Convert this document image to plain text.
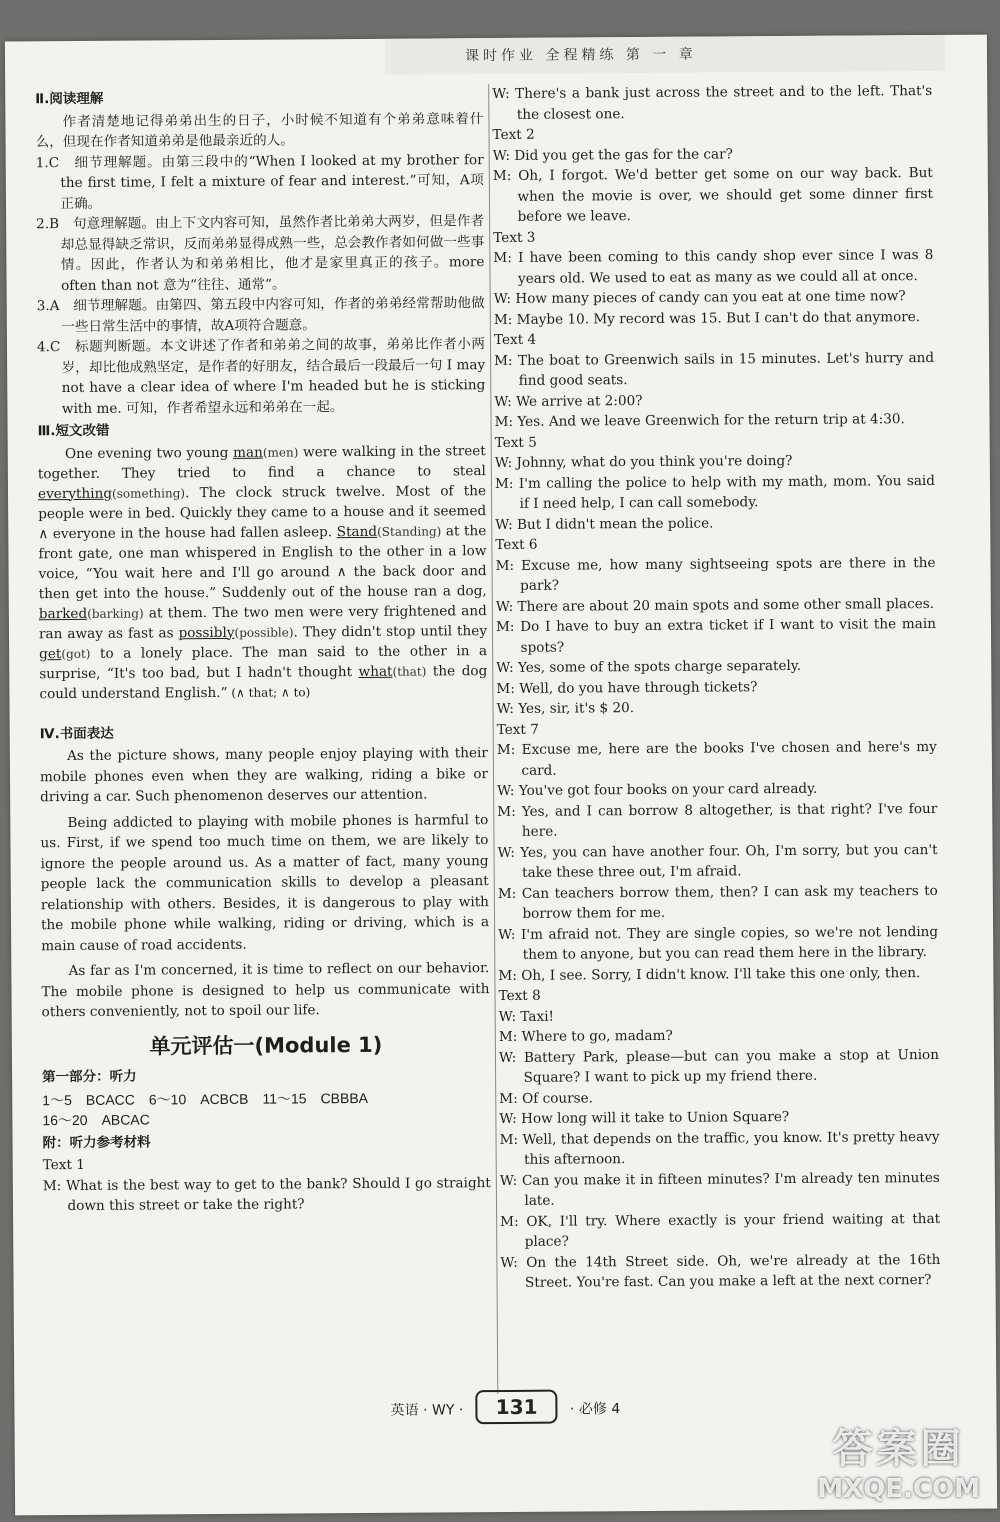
课时作业 全程精练 第 一 章
Ⅱ.阅读理解

作者清楚地记得弟弟出生的日子，小时候不知道有个弟弟意味着什么，但现在作者知道弟弟是他最亲近的人。

1.C　细节理解题。由第三段中的“When I looked at my brother for the first time, I felt a mixture of fear and interest.”可知，A项正确。

2.B　句意理解题。由上下文内容可知，虽然作者比弟弟大两岁，但是作者却总显得缺乏常识，反而弟弟显得成熟一些，总会教作者如何做一些事情。因此，作者认为和弟弟相比，他才是家里真正的孩子。more often than not 意为“往往、通常”。

3.A　细节理解题。由第四、第五段中内容可知，作者的弟弟经常帮助他做一些日常生活中的事情，故A项符合题意。

4.C　标题判断题。本文讲述了作者和弟弟之间的故事，弟弟比作者小两岁，却比他成熟坚定，是作者的好朋友，结合最后一段最后一句 I may not have a clear idea of where I'm headed but he is sticking with me. 可知，作者希望永远和弟弟在一起。

Ⅲ.短文改错
One evening two young man(men) were walking in the street together. They tried to find a chance to steal everything(something). The clock struck twelve. Most of the people were in bed. Quickly they came to a house and it seemed ∧ everyone in the house had fallen asleep. Stand(Standing) at the front gate, one man whispered in English to the other in a low voice, “You wait here and I'll go around ∧ the back door and then get into the house.” Suddenly out of the house ran a dog, barked(barking) at them. The two men were very frightened and ran away as fast as possibly(possible). They didn't stop until they get(got) to a lonely place. The man said to the other in a surprise, “It's too bad, but I hadn't thought what(that) the dog could understand English.” (∧ that; ∧ to)
Ⅳ.书面表达

As the picture shows, many people enjoy playing with their mobile phones even when they are walking, riding a bike or driving a car. Such phenomenon deserves our attention.

Being addicted to playing with mobile phones is harmful to us. First, if we spend too much time on them, we are likely to ignore the people around us. As a matter of fact, many young people lack the communication skills to develop a pleasant relationship with others. Besides, it is dangerous to play with the mobile phone while walking, riding or driving, which is a main cause of road accidents.

As far as I'm concerned, it is time to reflect on our behavior. The mobile phone is designed to help us communicate with others conveniently, not to spoil our life.

单元评估一(Module 1)
第一部分：听力

1～5　BCACC　6～10　ACBCB　11～15　CBBBA

16～20　ABCAC

附：听力参考材料

Text 1

M: What is the best way to get to the bank? Should I go straight down this street or take the right?

W: There's a bank just across the street and to the left. That's the closest one.

Text 2

W: Did you get the gas for the car?

M: Oh, I forgot. We'd better get some on our way back. But when the movie is over, we should get some dinner first before we leave.

Text 3

M: I have been coming to this candy shop ever since I was 8 years old. We used to eat as many as we could all at once.

W: How many pieces of candy can you eat at one time now?

M: Maybe 10. My record was 15. But I can't do that anymore.

Text 4

M: The boat to Greenwich sails in 15 minutes. Let's hurry and find good seats.

W: We arrive at 2:00?

M: Yes. And we leave Greenwich for the return trip at 4:30.

Text 5

W: Johnny, what do you think you're doing?

M: I'm calling the police to help with my math, mom. You said if I need help, I can call somebody.

W: But I didn't mean the police.

Text 6

M: Excuse me, how many sightseeing spots are there in the park?

W: There are about 20 main spots and some other small places.

M: Do I have to buy an extra ticket if I want to visit the main spots?

W: Yes, some of the spots charge separately.

M: Well, do you have through tickets?

W: Yes, sir, it's $ 20.

Text 7

M: Excuse me, here are the books I've chosen and here's my card.

W: You've got four books on your card already.

M: Yes, and I can borrow 8 altogether, is that right? I've four here.

W: Yes, you can have another four. Oh, I'm sorry, but you can't take these three out, I'm afraid.

M: Can teachers borrow them, then? I can ask my teachers to borrow them for me.

W: I'm afraid not. They are single copies, so we're not lending them to anyone, but you can read them here in the library.

M: Oh, I see. Sorry, I didn't know. I'll take this one only, then.

Text 8

W: Taxi!

M: Where to go, madam?

W: Battery Park, please—but can you make a stop at Union Square? I want to pick up my friend there.

M: Of course.

W: How long will it take to Union Square?

M: Well, that depends on the traffic, you know. It's pretty heavy this afternoon.

W: Can you make it in fifteen minutes? I'm already ten minutes late.

M: OK, I'll try. Where exactly is your friend waiting at that place?

W: On the 14th Street side. Oh, we're already at the 16th Street. You're fast. Can you make a left at the next corner?

英语 · WY · 131 · 必修 4
答案圈
MXQE.COM
